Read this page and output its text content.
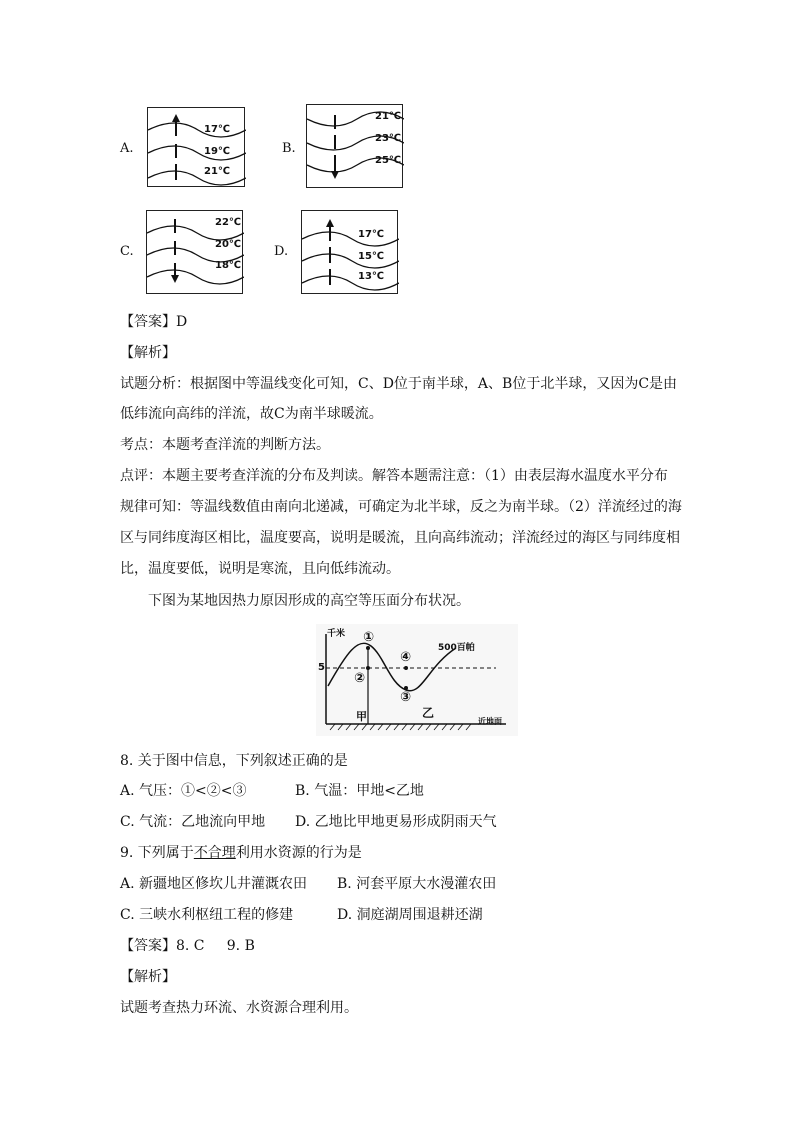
A.	B.
C.	D.
17℃
19℃
21℃
21℃
23℃
25℃
22℃
20℃
18℃
17℃
15℃
13℃
【答案】D
【解析】
试题分析：根据图中等温线变化可知，C、D位于南半球，A、B位于北半球，又因为C是由
低纬流向高纬的洋流，故C为南半球暖流。
考点：本题考查洋流的判断方法。
点评：本题主要考查洋流的分布及判读。解答本题需注意：（1）由表层海水温度水平分布
规律可知：等温线数值由南向北递减，可确定为北半球，反之为南半球。（2）洋流经过的海
区与同纬度海区相比，温度要高，说明是暖流，且向高纬流动；洋流经过的海区与同纬度相
比，温度要低，说明是寒流，且向低纬流动。
下图为某地因热力原因形成的高空等压面分布状况。
千米
5
500百帕
①
②
③
④
甲	乙
近地面
8. 关于图中信息，下列叙述正确的是
A. 气压：①<②<③	B. 气温：甲地<乙地
C. 气流：乙地流向甲地 D. 乙地比甲地更易形成阴雨天气
9. 下列属于不合理利用水资源的行为是
A. 新疆地区修坎儿井灌溉农田 B. 河套平原大水漫灌农田
C. 三峡水利枢纽工程的修建	D. 洞庭湖周围退耕还湖
【答案】8. C     9. B
【解析】
试题考查热力环流、水资源合理利用。
